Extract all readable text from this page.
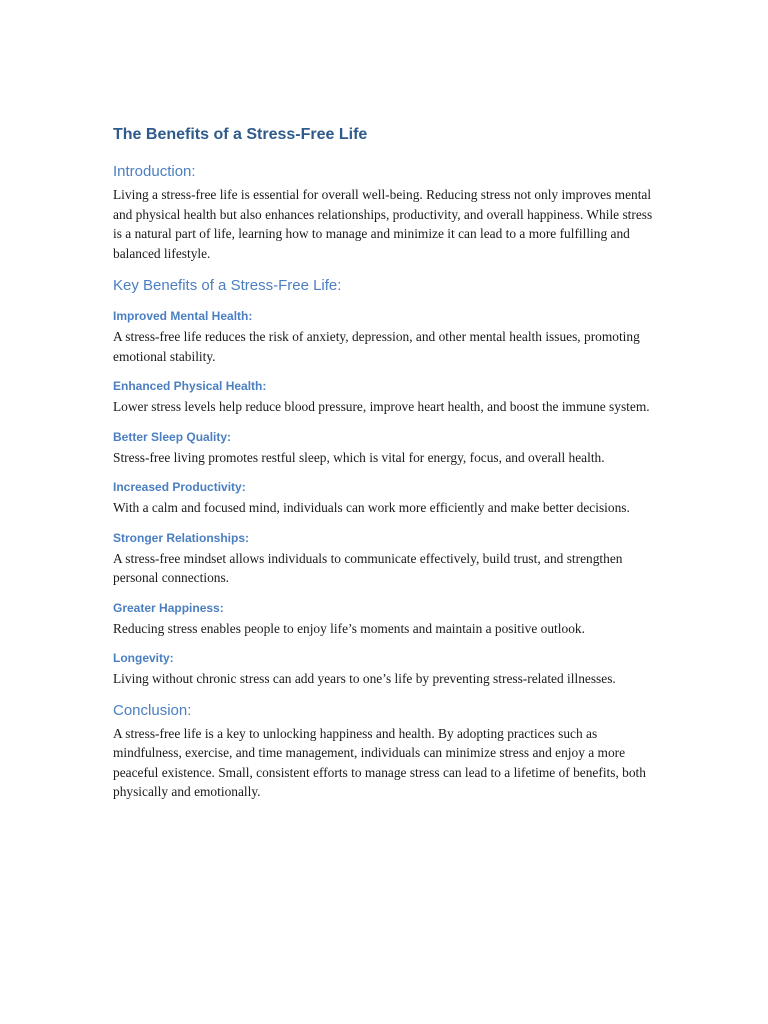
The Benefits of a Stress-Free Life
Introduction:

Living a stress-free life is essential for overall well-being. Reducing stress not only improves mental and physical health but also enhances relationships, productivity, and overall happiness. While stress is a natural part of life, learning how to manage and minimize it can lead to a more fulfilling and balanced lifestyle.

Key Benefits of a Stress-Free Life:
Improved Mental Health:

A stress-free life reduces the risk of anxiety, depression, and other mental health issues, promoting emotional stability.

Enhanced Physical Health:

Lower stress levels help reduce blood pressure, improve heart health, and boost the immune system.

Better Sleep Quality:

Stress-free living promotes restful sleep, which is vital for energy, focus, and overall health.

Increased Productivity:

With a calm and focused mind, individuals can work more efficiently and make better decisions.

Stronger Relationships:

A stress-free mindset allows individuals to communicate effectively, build trust, and strengthen personal connections.

Greater Happiness:

Reducing stress enables people to enjoy life’s moments and maintain a positive outlook.

Longevity:

Living without chronic stress can add years to one’s life by preventing stress-related illnesses.

Conclusion:

A stress-free life is a key to unlocking happiness and health. By adopting practices such as mindfulness, exercise, and time management, individuals can minimize stress and enjoy a more peaceful existence. Small, consistent efforts to manage stress can lead to a lifetime of benefits, both physically and emotionally.
